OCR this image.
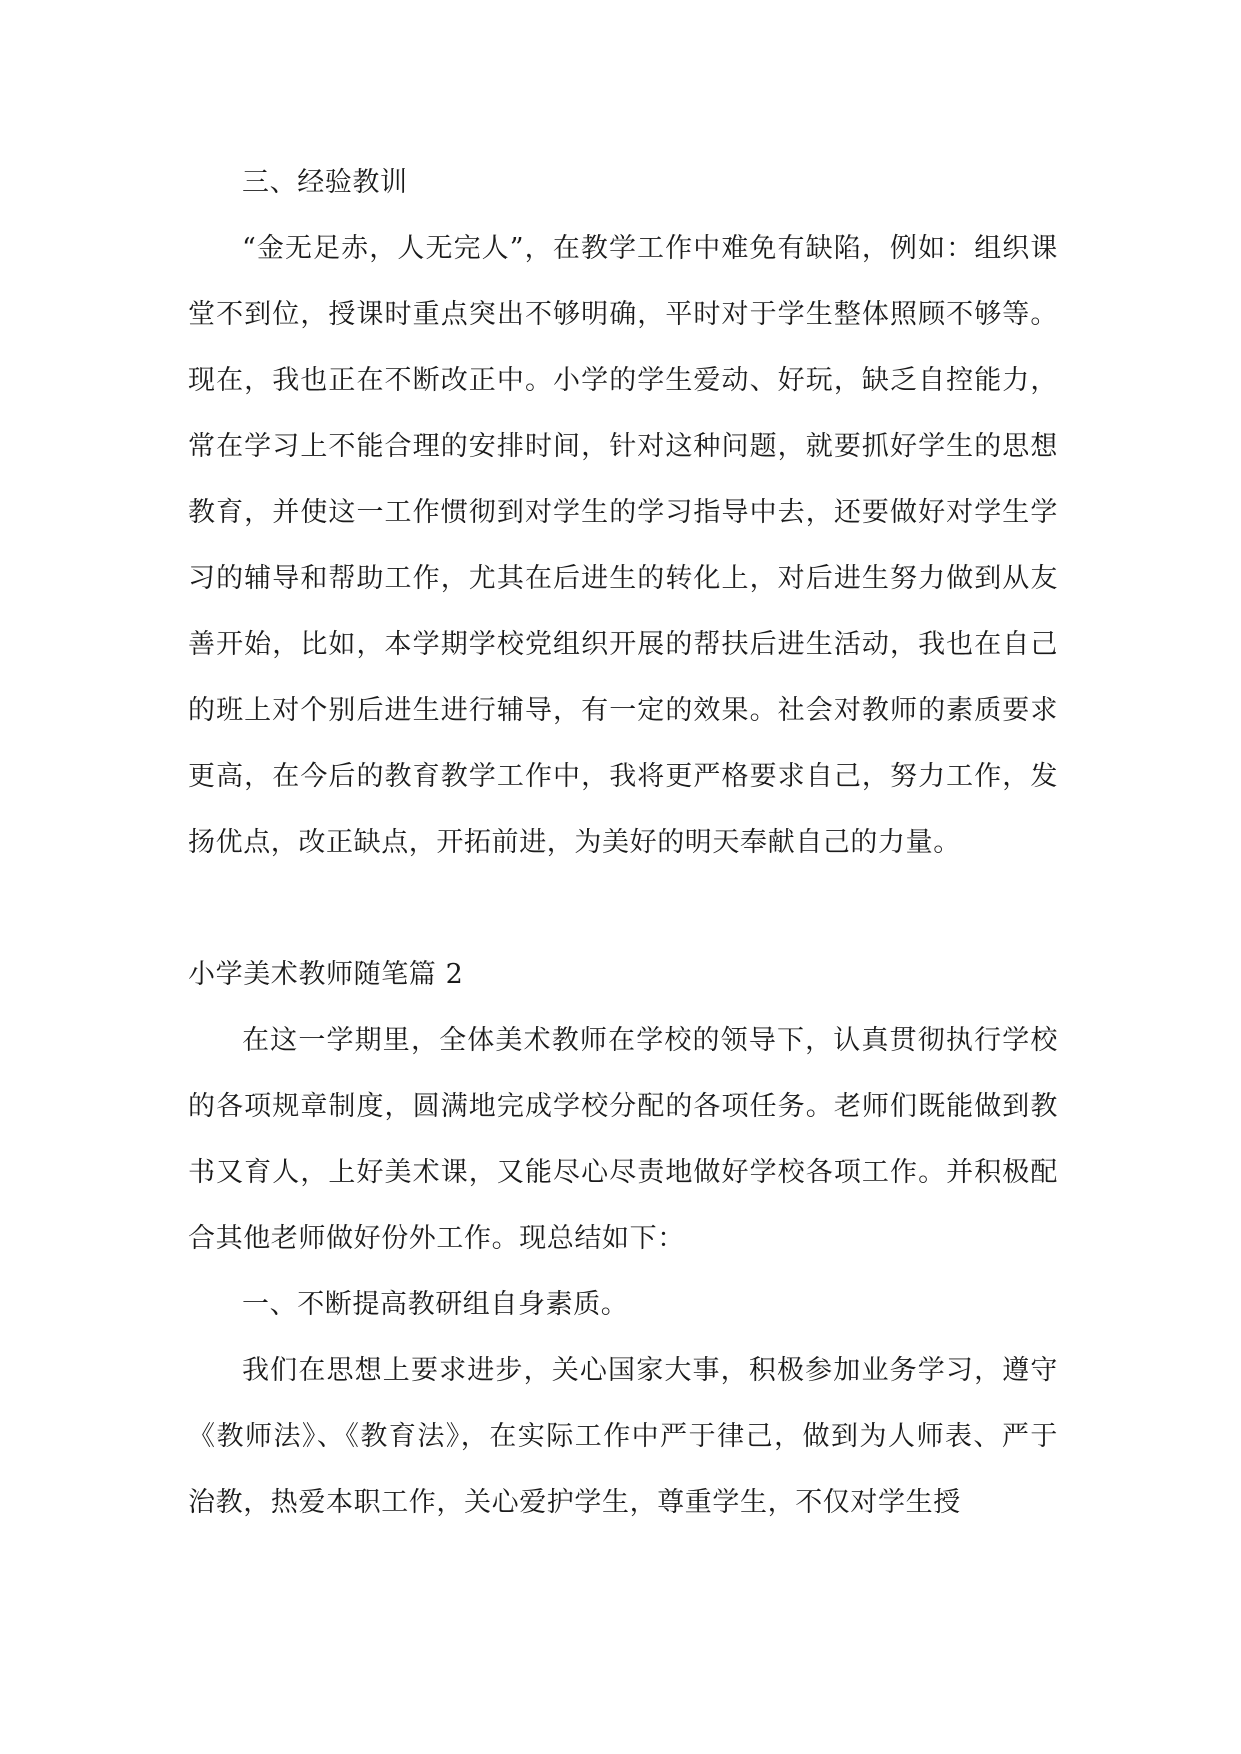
三、经验教训

“金无足赤，人无完人”，在教学工作中难免有缺陷，例如：组织课堂不到位，授课时重点突出不够明确，平时对于学生整体照顾不够等。现在，我也正在不断改正中。小学的学生爱动、好玩，缺乏自控能力，常在学习上不能合理的安排时间，针对这种问题，就要抓好学生的思想教育，并使这一工作惯彻到对学生的学习指导中去，还要做好对学生学习的辅导和帮助工作，尤其在后进生的转化上，对后进生努力做到从友善开始，比如，本学期学校党组织开展的帮扶后进生活动，我也在自己的班上对个别后进生进行辅导，有一定的效果。社会对教师的素质要求更高，在今后的教育教学工作中，我将更严格要求自己，努力工作，发扬优点，改正缺点，开拓前进，为美好的明天奉献自己的力量。

小学美术教师随笔篇 2

在这一学期里，全体美术教师在学校的领导下，认真贯彻执行学校的各项规章制度，圆满地完成学校分配的各项任务。老师们既能做到教书又育人，上好美术课，又能尽心尽责地做好学校各项工作。并积极配合其他老师做好份外工作。现总结如下：

一、不断提高教研组自身素质。

我们在思想上要求进步，关心国家大事，积极参加业务学习，遵守《教师法》、《教育法》，在实际工作中严于律己，做到为人师表、严于治教，热爱本职工作，关心爱护学生，尊重学生，不仅对学生授
